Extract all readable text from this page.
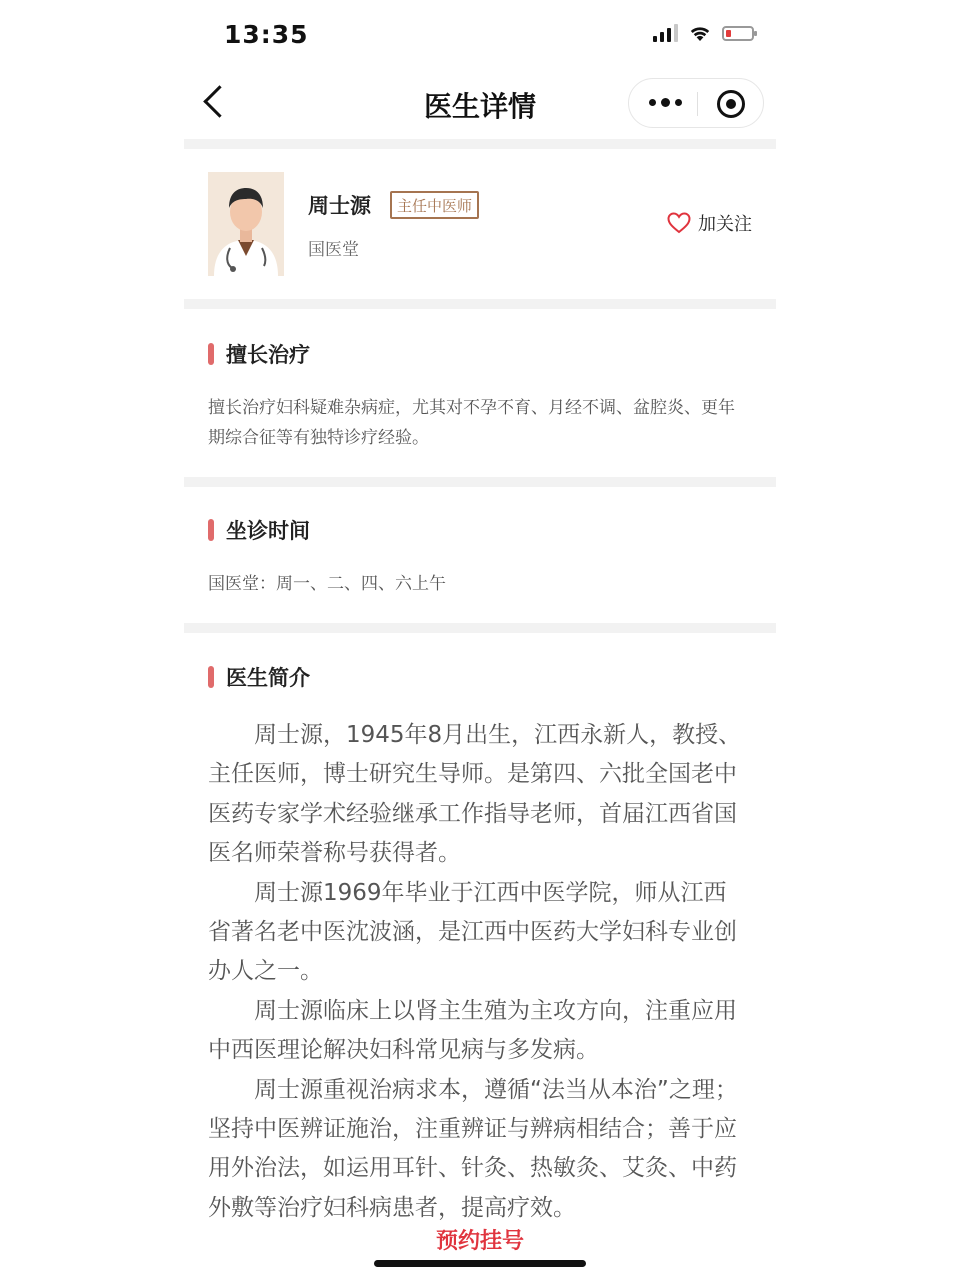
13:35
医生详情
周士源	主任中医师
国医堂
加关注
擅长治疗
擅长治疗妇科疑难杂病症，尤其对不孕不育、月经不调、盆腔炎、更年期综合征等有独特诊疗经验。
坐诊时间
国医堂：周一、二、四、六上午
医生简介

周士源，1945年8月出生，江西永新人，教授、主任医师，博士研究生导师。是第四、六批全国老中医药专家学术经验继承工作指导老师，首届江西省国医名师荣誉称号获得者。

周士源1969年毕业于江西中医学院，师从江西省著名老中医沈波涵，是江西中医药大学妇科专业创办人之一。

周士源临床上以肾主生殖为主攻方向，注重应用中西医理论解决妇科常见病与多发病。

周士源重视治病求本，遵循“法当从本治”之理；坚持中医辨证施治，注重辨证与辨病相结合；善于应用外治法，如运用耳针、针灸、热敏灸、艾灸、中药外敷等治疗妇科病患者，提高疗效。

预约挂号
